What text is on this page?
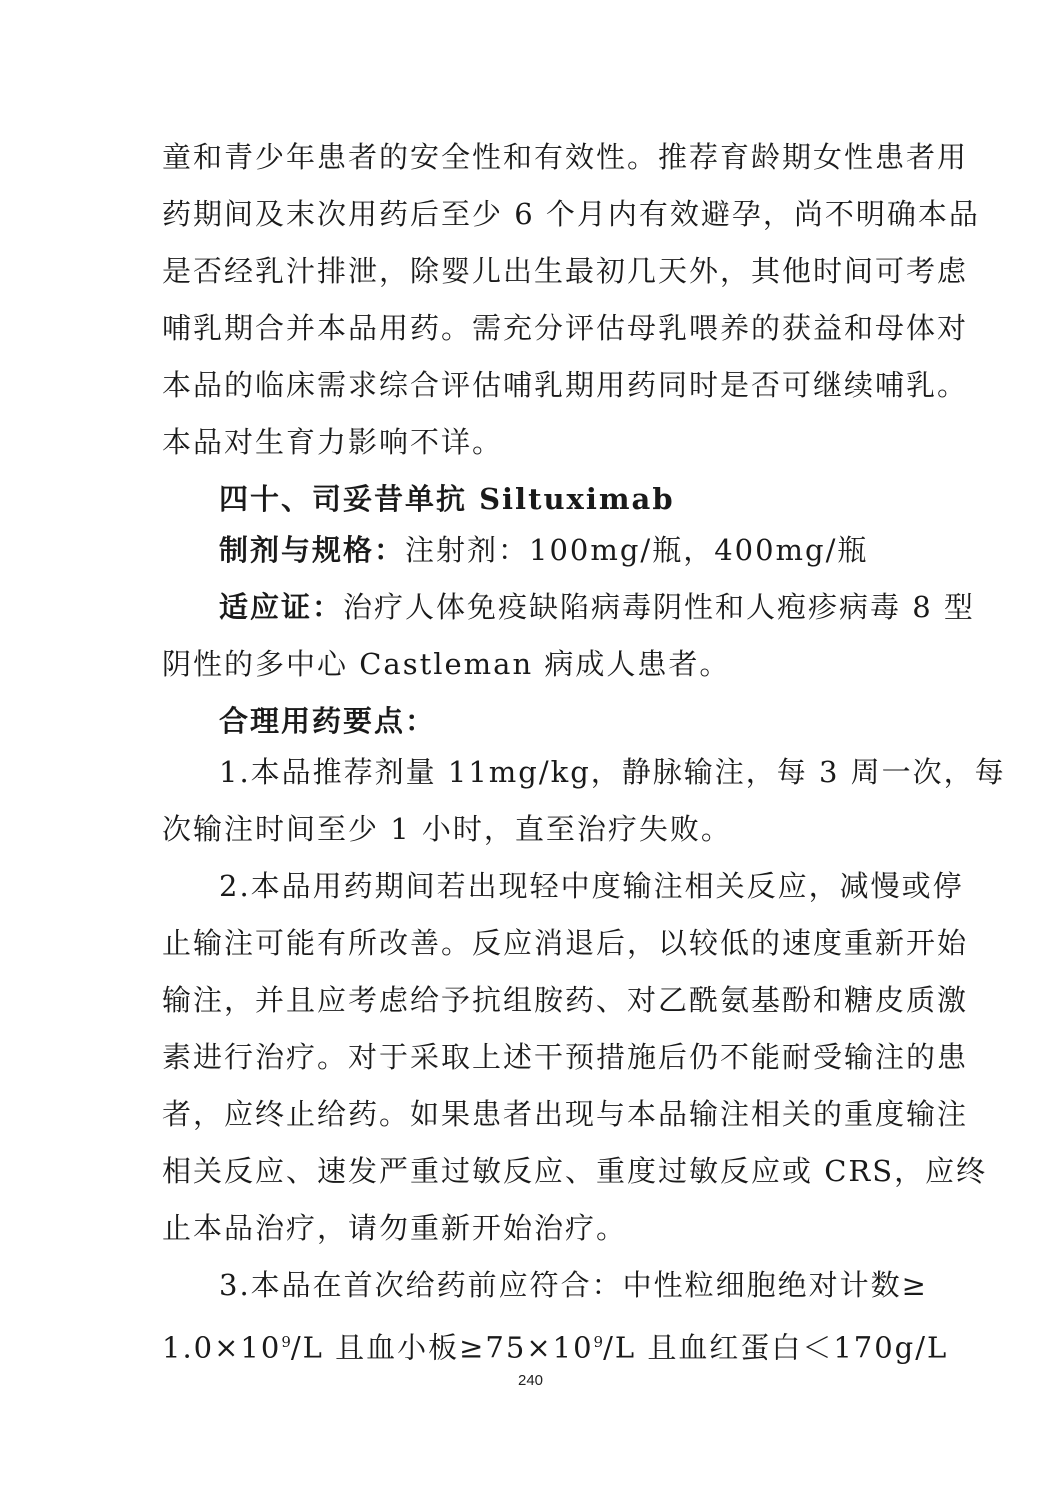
童和青少年患者的安全性和有效性。推荐育龄期女性患者用
药期间及末次用药后至少 6 个月内有效避孕，尚不明确本品
是否经乳汁排泄，除婴儿出生最初几天外，其他时间可考虑
哺乳期合并本品用药。需充分评估母乳喂养的获益和母体对
本品的临床需求综合评估哺乳期用药同时是否可继续哺乳。
本品对生育力影响不详。
四十、司妥昔单抗 Siltuximab
制剂与规格：注射剂：100mg/瓶，400mg/瓶
适应证：治疗人体免疫缺陷病毒阴性和人疱疹病毒 8 型
阴性的多中心 Castleman 病成人患者。
合理用药要点：
1.本品推荐剂量 11mg/kg，静脉输注，每 3 周一次，每
次输注时间至少 1 小时，直至治疗失败。
2.本品用药期间若出现轻中度输注相关反应，减慢或停
止输注可能有所改善。反应消退后，以较低的速度重新开始
输注，并且应考虑给予抗组胺药、对乙酰氨基酚和糖皮质激
素进行治疗。对于采取上述干预措施后仍不能耐受输注的患
者，应终止给药。如果患者出现与本品输注相关的重度输注
相关反应、速发严重过敏反应、重度过敏反应或 CRS，应终
止本品治疗，请勿重新开始治疗。
3.本品在首次给药前应符合：中性粒细胞绝对计数≥
$1.0\times 10^9/L$ 且血小板$\ge 75\times 10^9/L$ 且血红蛋白＜170g/L
240
